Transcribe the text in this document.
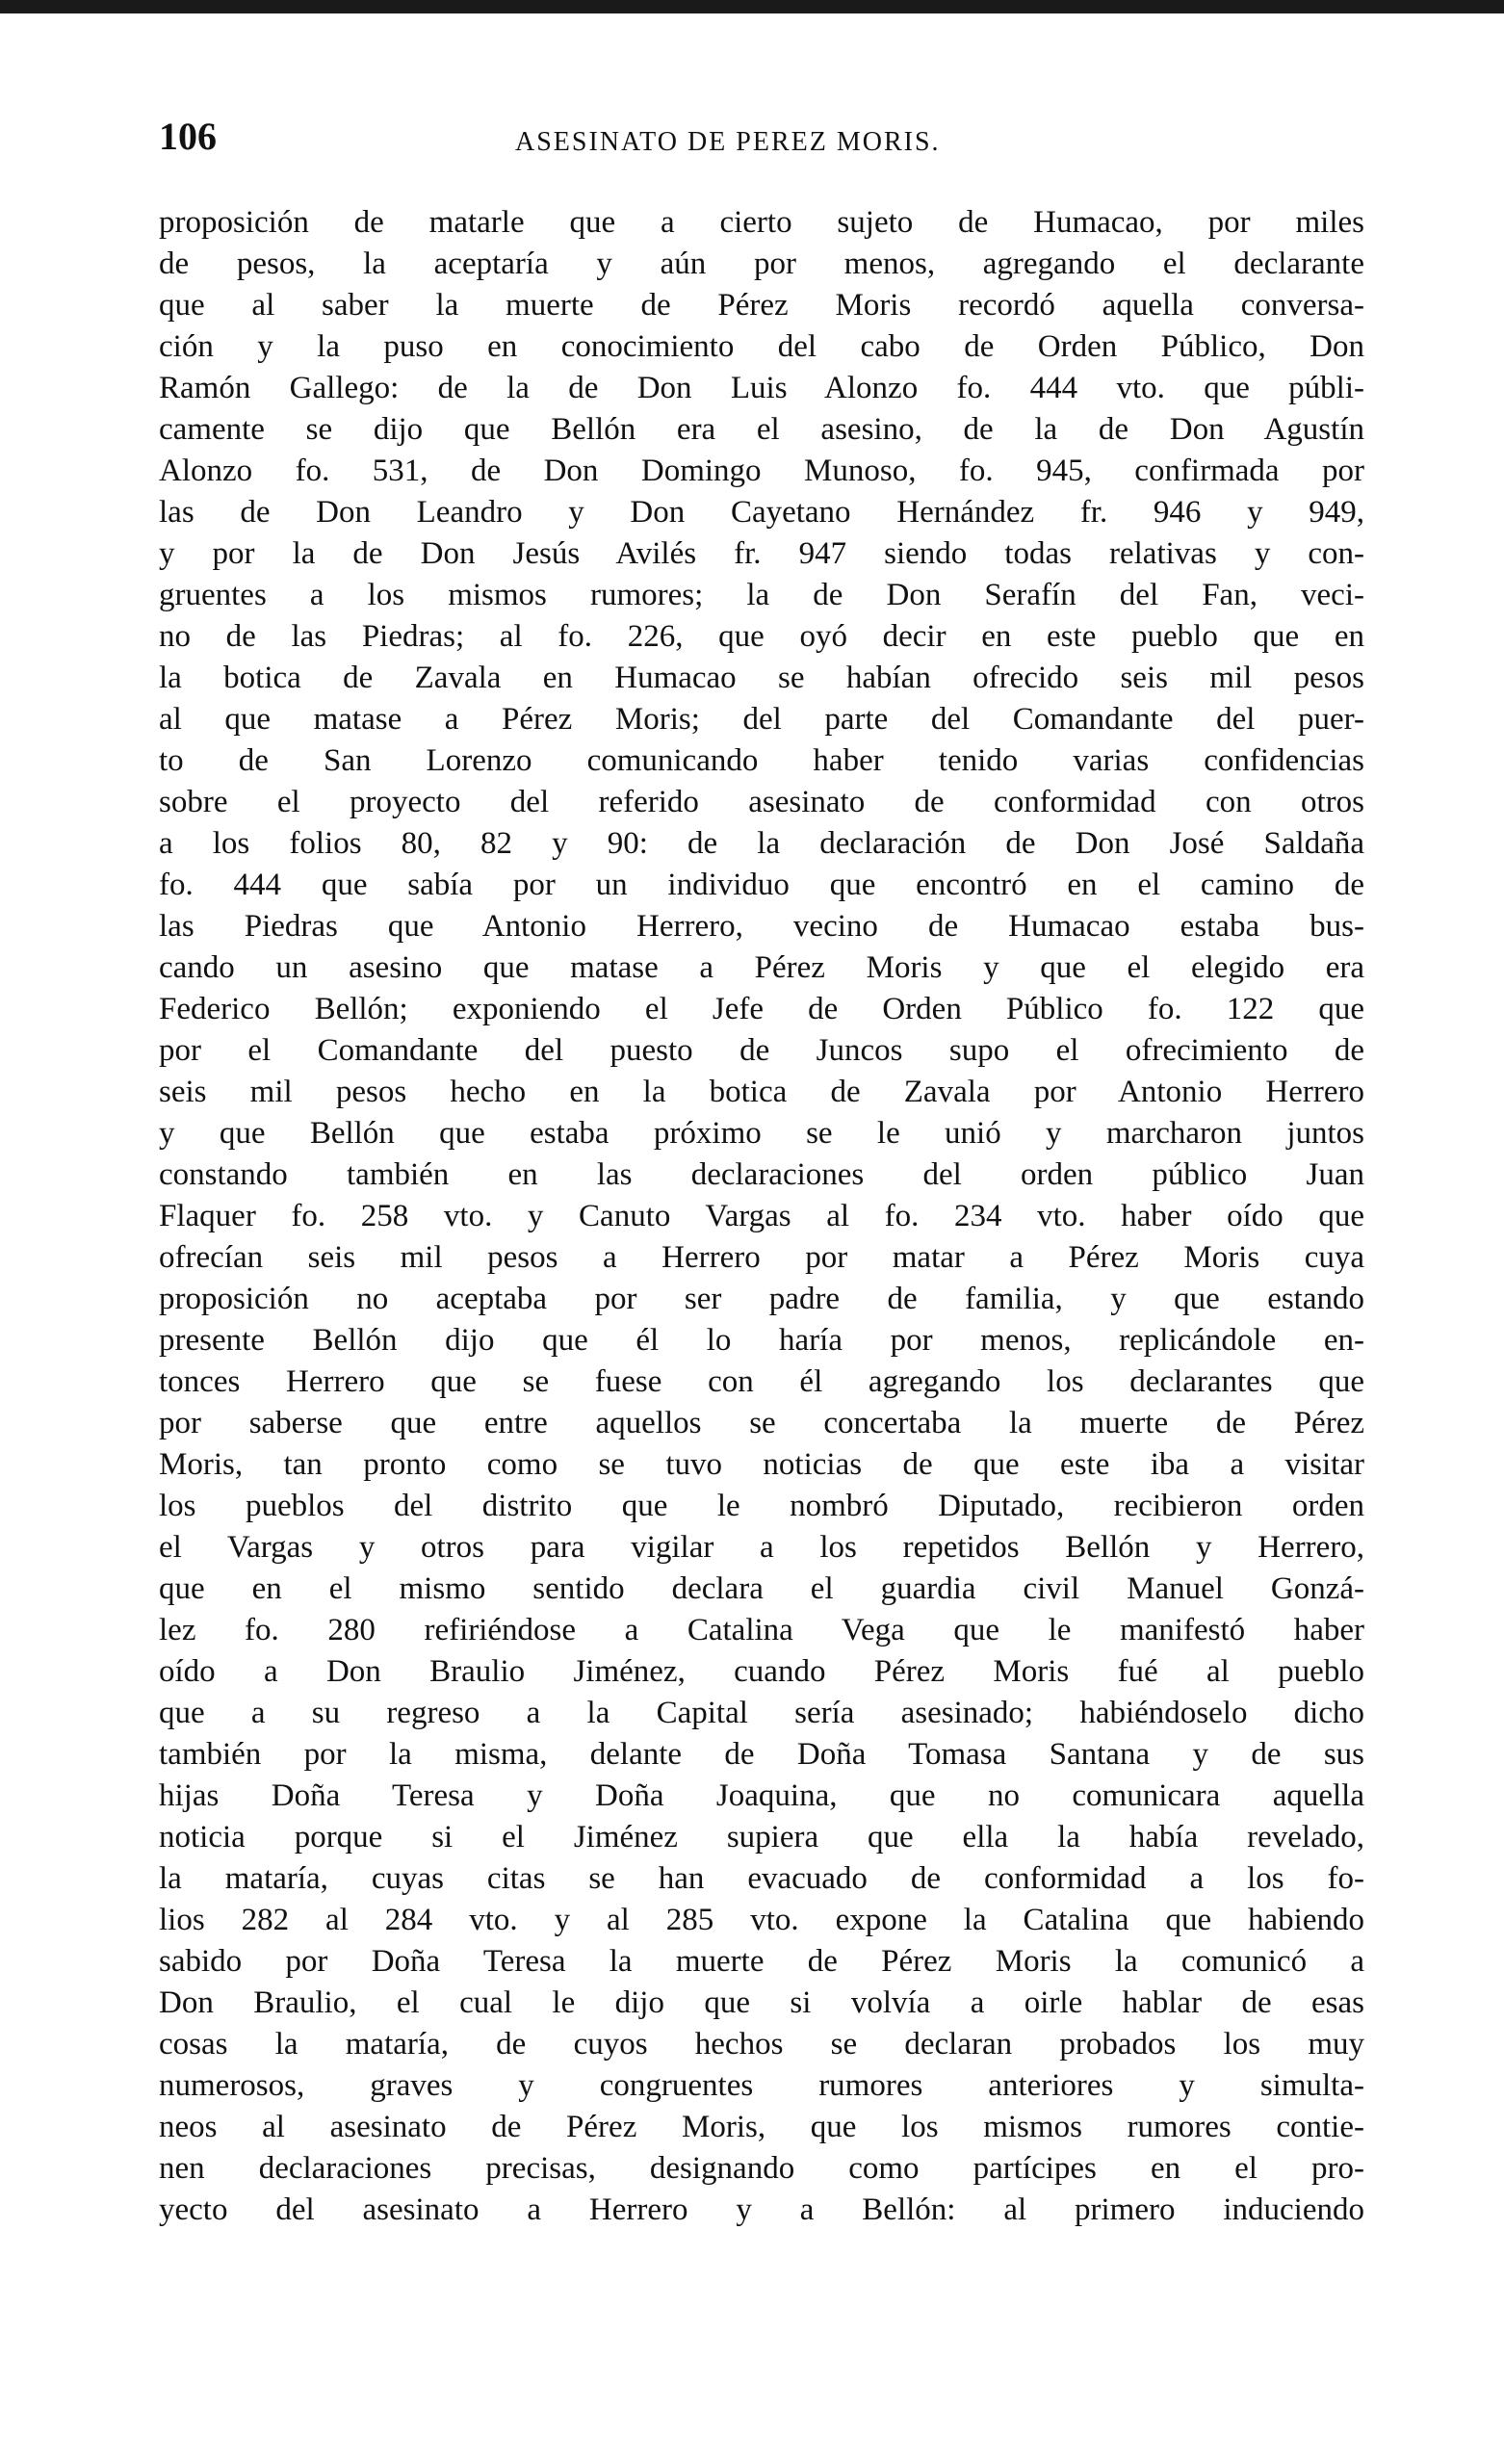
106	ASESINATO DE PEREZ MORIS.
proposición de matarle que a cierto sujeto de Humacao, por miles
de pesos, la aceptaría y aún por menos, agregando el declarante
que al saber la muerte de Pérez Moris recordó aquella conversa-
ción y la puso en conocimiento del cabo de Orden Público, Don
Ramón Gallego: de la de Don Luis Alonzo fo. 444 vto. que públi-
camente se dijo que Bellón era el asesino, de la de Don Agustín
Alonzo fo. 531, de Don Domingo Munoso, fo. 945, confirmada por
las de Don Leandro y Don Cayetano Hernández fr. 946 y 949,
y por la de Don Jesús Avilés fr. 947 siendo todas relativas y con-
gruentes a los mismos rumores; la de Don Serafín del Fan, veci-
no de las Piedras; al fo. 226, que oyó decir en este pueblo que en
la botica de Zavala en Humacao se habían ofrecido seis mil pesos
al que matase a Pérez Moris; del parte del Comandante del puer-
to de San Lorenzo comunicando haber tenido varias confidencias
sobre el proyecto del referido asesinato de conformidad con otros
a los folios 80, 82 y 90: de la declaración de Don José Saldaña
fo. 444 que sabía por un individuo que encontró en el camino de
las Piedras que Antonio Herrero, vecino de Humacao estaba bus-
cando un asesino que matase a Pérez Moris y que el elegido era
Federico Bellón; exponiendo el Jefe de Orden Público fo. 122 que
por el Comandante del puesto de Juncos supo el ofrecimiento de
seis mil pesos hecho en la botica de Zavala por Antonio Herrero
y que Bellón que estaba próximo se le unió y marcharon juntos
constando también en las declaraciones del orden público Juan
Flaquer fo. 258 vto. y Canuto Vargas al fo. 234 vto. haber oído que
ofrecían seis mil pesos a Herrero por matar a Pérez Moris cuya
proposición no aceptaba por ser padre de familia, y que estando
presente Bellón dijo que él lo haría por menos, replicándole en-
tonces Herrero que se fuese con él agregando los declarantes que
por saberse que entre aquellos se concertaba la muerte de Pérez
Moris, tan pronto como se tuvo noticias de que este iba a visitar
los pueblos del distrito que le nombró Diputado, recibieron orden
el Vargas y otros para vigilar a los repetidos Bellón y Herrero,
que en el mismo sentido declara el guardia civil Manuel Gonzá-
lez fo. 280 refiriéndose a Catalina Vega que le manifestó haber
oído a Don Braulio Jiménez, cuando Pérez Moris fué al pueblo
que a su regreso a la Capital sería asesinado; habiéndoselo dicho
también por la misma, delante de Doña Tomasa Santana y de sus
hijas Doña Teresa y Doña Joaquina, que no comunicara aquella
noticia porque si el Jiménez supiera que ella la había revelado,
la mataría, cuyas citas se han evacuado de conformidad a los fo-
lios 282 al 284 vto. y al 285 vto. expone la Catalina que habiendo
sabido por Doña Teresa la muerte de Pérez Moris la comunicó a
Don Braulio, el cual le dijo que si volvía a oirle hablar de esas
cosas la mataría, de cuyos hechos se declaran probados los muy
numerosos, graves y congruentes rumores anteriores y simulta-
neos al asesinato de Pérez Moris, que los mismos rumores contie-
nen declaraciones precisas, designando como partícipes en el pro-
yecto del asesinato a Herrero y a Bellón: al primero induciendo
